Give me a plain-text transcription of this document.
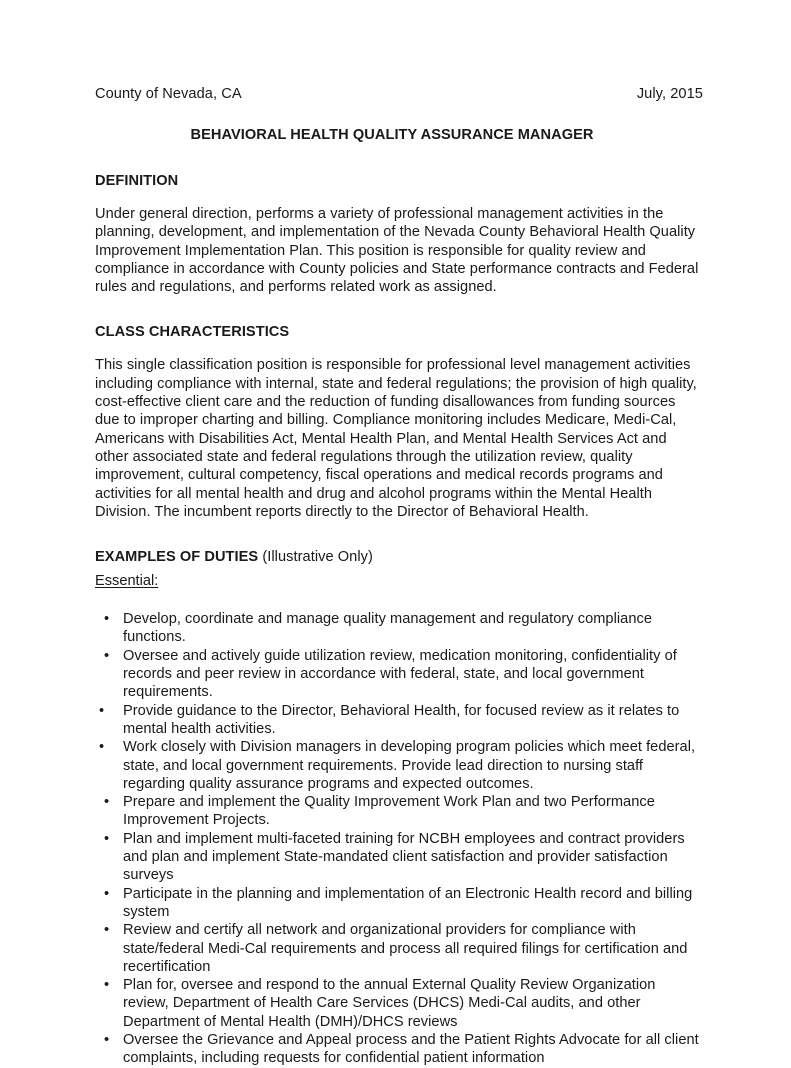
County of Nevada, CA	July, 2015
BEHAVIORAL HEALTH QUALITY ASSURANCE MANAGER
DEFINITION
Under general direction, performs a variety of professional management activities in the planning, development, and implementation of the Nevada County Behavioral Health Quality Improvement Implementation Plan. This position is responsible for quality review and compliance in accordance with County policies and State performance contracts and Federal rules and regulations, and performs related work as assigned.
CLASS CHARACTERISTICS
This single classification position is responsible for professional level management activities including compliance with internal, state and federal regulations; the provision of high quality, cost-effective client care and the reduction of funding disallowances from funding sources due to improper charting and billing. Compliance monitoring includes Medicare, Medi-Cal, Americans with Disabilities Act, Mental Health Plan, and Mental Health Services Act and other associated state and federal regulations through the utilization review, quality improvement, cultural competency, fiscal operations and medical records programs and activities for all mental health and drug and alcohol programs within the Mental Health Division. The incumbent reports directly to the Director of Behavioral Health.
EXAMPLES OF DUTIES (Illustrative Only)
Essential:
• Develop, coordinate and manage quality management and regulatory compliance functions.
• Oversee and actively guide utilization review, medication monitoring, confidentiality of records and peer review in accordance with federal, state, and local government requirements.
•	Provide guidance to the Director, Behavioral Health, for focused review as it relates to mental health activities.
•	Work closely with Division managers in developing program policies which meet federal, state, and local government requirements. Provide lead direction to nursing staff regarding quality assurance programs and expected outcomes.
• Prepare and implement the Quality Improvement Work Plan and two Performance Improvement Projects.
• Plan and implement multi-faceted training for NCBH employees and contract providers and plan and implement State-mandated client satisfaction and provider satisfaction surveys
• Participate in the planning and implementation of an Electronic Health record and billing system
• Review and certify all network and organizational providers for compliance with state/federal Medi-Cal requirements and process all required filings for certification and recertification
• Plan for, oversee and respond to the annual External Quality Review Organization review, Department of Health Care Services (DHCS) Medi-Cal audits, and other Department of Mental Health (DMH)/DHCS reviews
• Oversee the Grievance and Appeal process and the Patient Rights Advocate for all client complaints, including requests for confidential patient information
